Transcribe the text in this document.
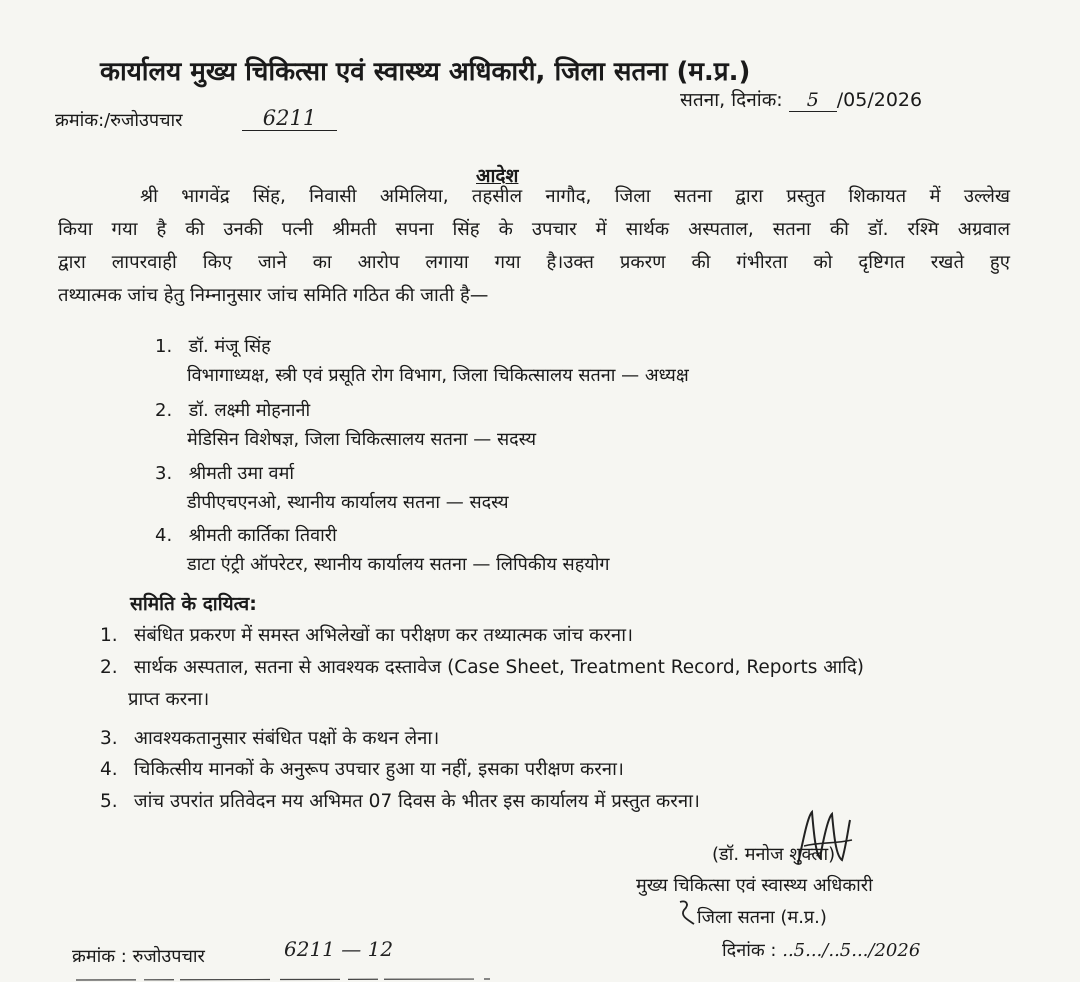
कार्यालय मुख्य चिकित्सा एवं स्वास्थ्य अधिकारी, जिला सतना (म.प्र.)
क्रमांक:/रुजोउपचार	6211
सतना, दिनांक: 5 /05/2026
आदेश
श्री भागवेंद्र सिंह, निवासी अमिलिया, तहसील नागौद, जिला सतना द्वारा प्रस्तुत शिकायत में उल्लेख
किया गया है की उनकी पत्नी श्रीमती सपना सिंह के उपचार में सार्थक अस्पताल, सतना की डॉ. रश्मि अग्रवाल
द्वारा लापरवाही किए जाने का आरोप लगाया गया है।उक्त प्रकरण की गंभीरता को दृष्टिगत रखते हुए
तथ्यात्मक जांच हेतु निम्नानुसार जांच समिति गठित की जाती है—
1. डॉ. मंजू सिंह
विभागाध्यक्ष, स्त्री एवं प्रसूति रोग विभाग, जिला चिकित्सालय सतना — अध्यक्ष
2. डॉ. लक्ष्मी मोहनानी
मेडिसिन विशेषज्ञ, जिला चिकित्सालय सतना — सदस्य
3. श्रीमती उमा वर्मा
डीपीएचएनओ, स्थानीय कार्यालय सतना — सदस्य
4. श्रीमती कार्तिका तिवारी
डाटा एंट्री ऑपरेटर, स्थानीय कार्यालय सतना — लिपिकीय सहयोग
समिति के दायित्व:
1. संबंधित प्रकरण में समस्त अभिलेखों का परीक्षण कर तथ्यात्मक जांच करना।
2. सार्थक अस्पताल, सतना से आवश्यक दस्तावेज (Case Sheet, Treatment Record, Reports आदि)
प्राप्त करना।
3. आवश्यकतानुसार संबंधित पक्षों के कथन लेना।
4. चिकित्सीय मानकों के अनुरूप उपचार हुआ या नहीं, इसका परीक्षण करना।
5. जांच उपरांत प्रतिवेदन मय अभिमत 07 दिवस के भीतर इस कार्यालय में प्रस्तुत करना।
(डॉ. मनोज शुक्ला)
मुख्य चिकित्सा एवं स्वास्थ्य अधिकारी
जिला सतना (म.प्र.)
क्रमांक : रुजोउपचार	6211 — 12	दिनांक : ..5.../..5.../2026
